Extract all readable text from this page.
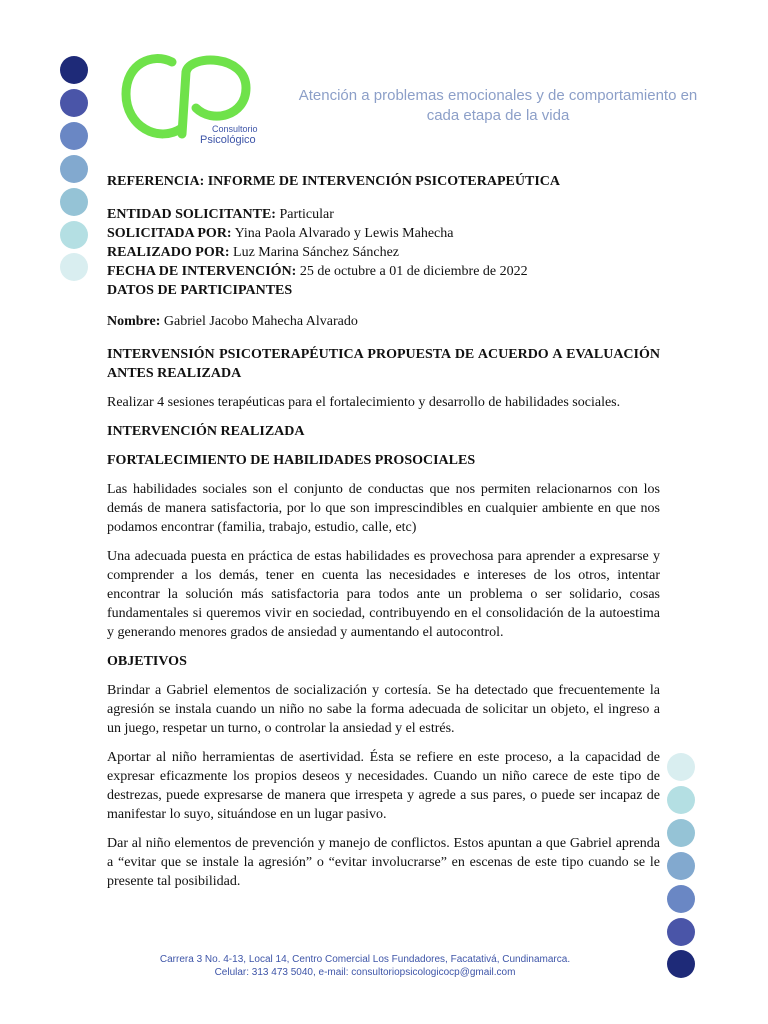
Consultorio
Psicológico
Atención a problemas emocionales y de comportamiento en cada etapa de la vida

REFERENCIA: INFORME DE INTERVENCIÓN PSICOTERAPEÚTICA

ENTIDAD SOLICITANTE: Particular

SOLICITADA POR: Yina Paola Alvarado y Lewis Mahecha

REALIZADO POR: Luz Marina Sánchez Sánchez

FECHA DE INTERVENCIÓN: 25 de octubre a 01 de diciembre de 2022

DATOS DE PARTICIPANTES

Nombre: Gabriel Jacobo Mahecha Alvarado

INTERVENSIÓN PSICOTERAPÉUTICA PROPUESTA DE ACUERDO A EVALUACIÓN ANTES REALIZADA

Realizar 4 sesiones terapéuticas para el fortalecimiento y desarrollo de habilidades sociales.

INTERVENCIÓN REALIZADA

FORTALECIMIENTO DE HABILIDADES PROSOCIALES

Las habilidades sociales son el conjunto de conductas que nos permiten relacionarnos con los demás de manera satisfactoria, por lo que son imprescindibles en cualquier ambiente en que nos podamos encontrar (familia, trabajo, estudio, calle, etc)

Una adecuada puesta en práctica de estas habilidades es provechosa para aprender a expresarse y comprender a los demás, tener en cuenta las necesidades e intereses de los otros, intentar encontrar la solución más satisfactoria para todos ante un problema o ser solidario, cosas fundamentales si queremos vivir en sociedad, contribuyendo en el consolidación de la autoestima y generando menores grados de ansiedad y aumentando el autocontrol.

OBJETIVOS

Brindar a Gabriel elementos de socialización y cortesía. Se ha detectado que frecuentemente la agresión se instala cuando un niño no sabe la forma adecuada de solicitar un objeto, el ingreso a un juego, respetar un turno, o controlar la ansiedad y el estrés.

Aportar al niño herramientas de asertividad. Ésta se refiere en este proceso, a la capacidad de expresar eficazmente los propios deseos y necesidades. Cuando un niño carece de este tipo de destrezas, puede expresarse de manera que irrespeta y agrede a sus pares, o puede ser incapaz de manifestar lo suyo, situándose en un lugar pasivo.

Dar al niño elementos de prevención y manejo de conflictos. Estos apuntan a que Gabriel aprenda a “evitar que se instale la agresión” o “evitar involucrarse” en escenas de este tipo cuando se le presente tal posibilidad.

Carrera 3 No. 4-13, Local 14, Centro Comercial Los Fundadores, Facatativá, Cundinamarca.
Celular: 313 473 5040, e-mail: consultoriopsicologicocp@gmail.com
